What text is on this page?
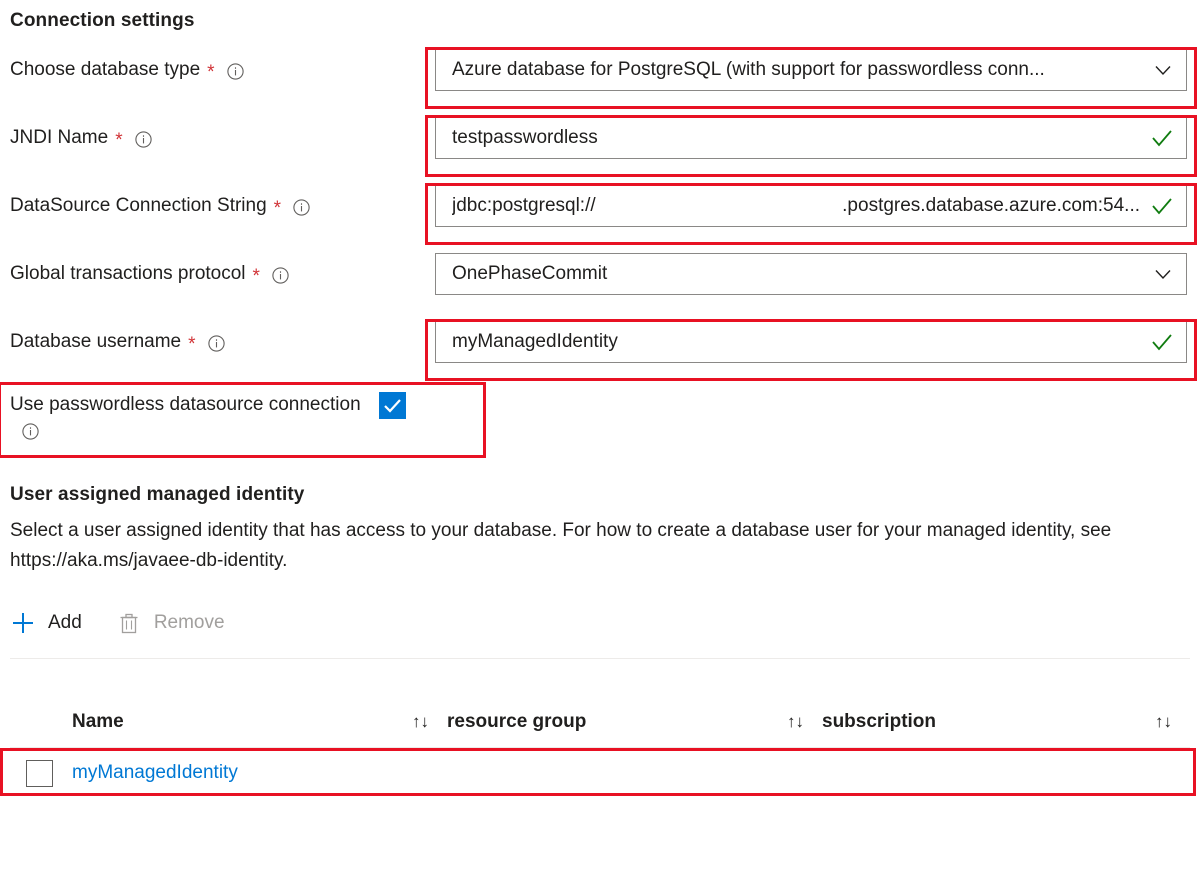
Connection settings
Choose database type *	Azure database for PostgreSQL (with support for passwordless conn...
JNDI Name *	testpasswordless
DataSource Connection String *	jdbc:postgresql://	.postgres.database.azure.com:54...
Global transactions protocol *	OnePhaseCommit
Database username *	myManagedIdentity
Use passwordless datasource connection
User assigned managed identity
Select a user assigned identity that has access to your database. For how to create a database user for your managed identity, see https://aka.ms/javaee-db-identity.
Add	Remove
Name	↑↓ resource group	↑↓ subscription	↑↓
myManagedIdentity
